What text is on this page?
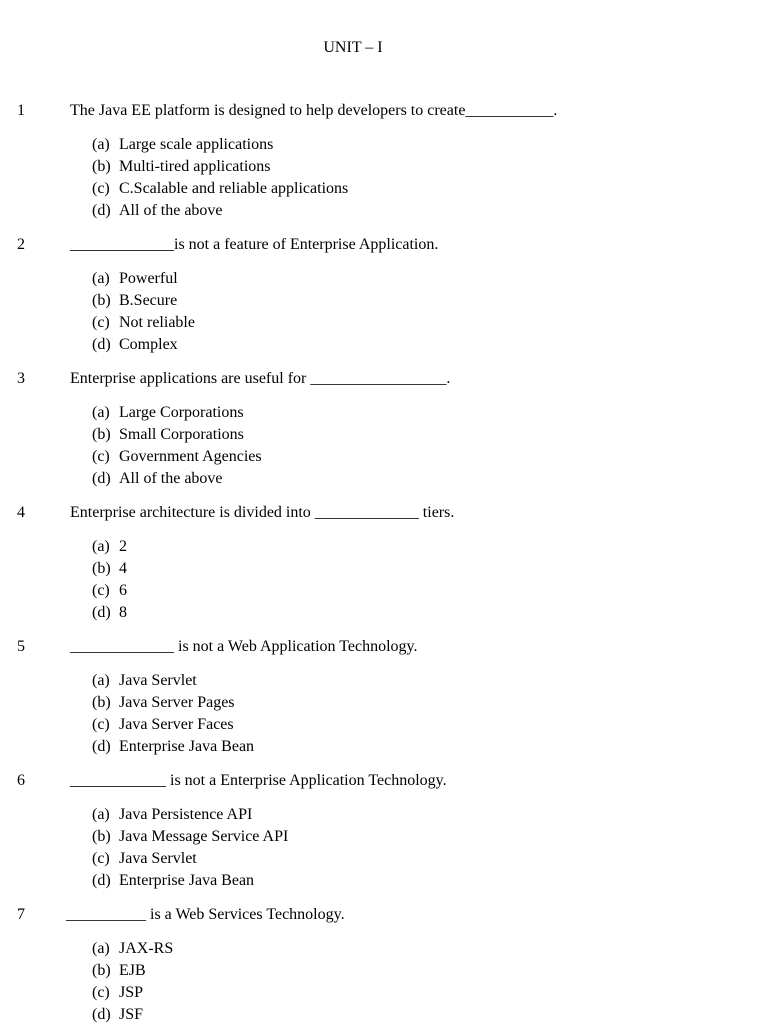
UNIT – I
1	The Java EE platform is designed to help developers to create___________.
(a) Large scale applications
(b) Multi-tired applications
(c) C.Scalable and reliable applications
(d) All of the above
2	_____________is not a feature of Enterprise Application.
(a) Powerful
(b) B.Secure
(c) Not reliable
(d) Complex
3	Enterprise applications are useful for _________________.
(a) Large Corporations
(b) Small Corporations
(c) Government Agencies
(d) All of the above
4	Enterprise architecture is divided into _____________ tiers.
(a) 2
(b) 4
(c) 6
(d) 8
5	_____________ is not a Web Application Technology.
(a) Java Servlet
(b) Java Server Pages
(c) Java Server Faces
(d) Enterprise Java Bean
6	____________ is not a Enterprise Application Technology.
(a) Java Persistence API
(b) Java Message Service API
(c) Java Servlet
(d) Enterprise Java Bean
7	__________ is a Web Services Technology.
(a) JAX-RS
(b) EJB
(c) JSP
(d) JSF
